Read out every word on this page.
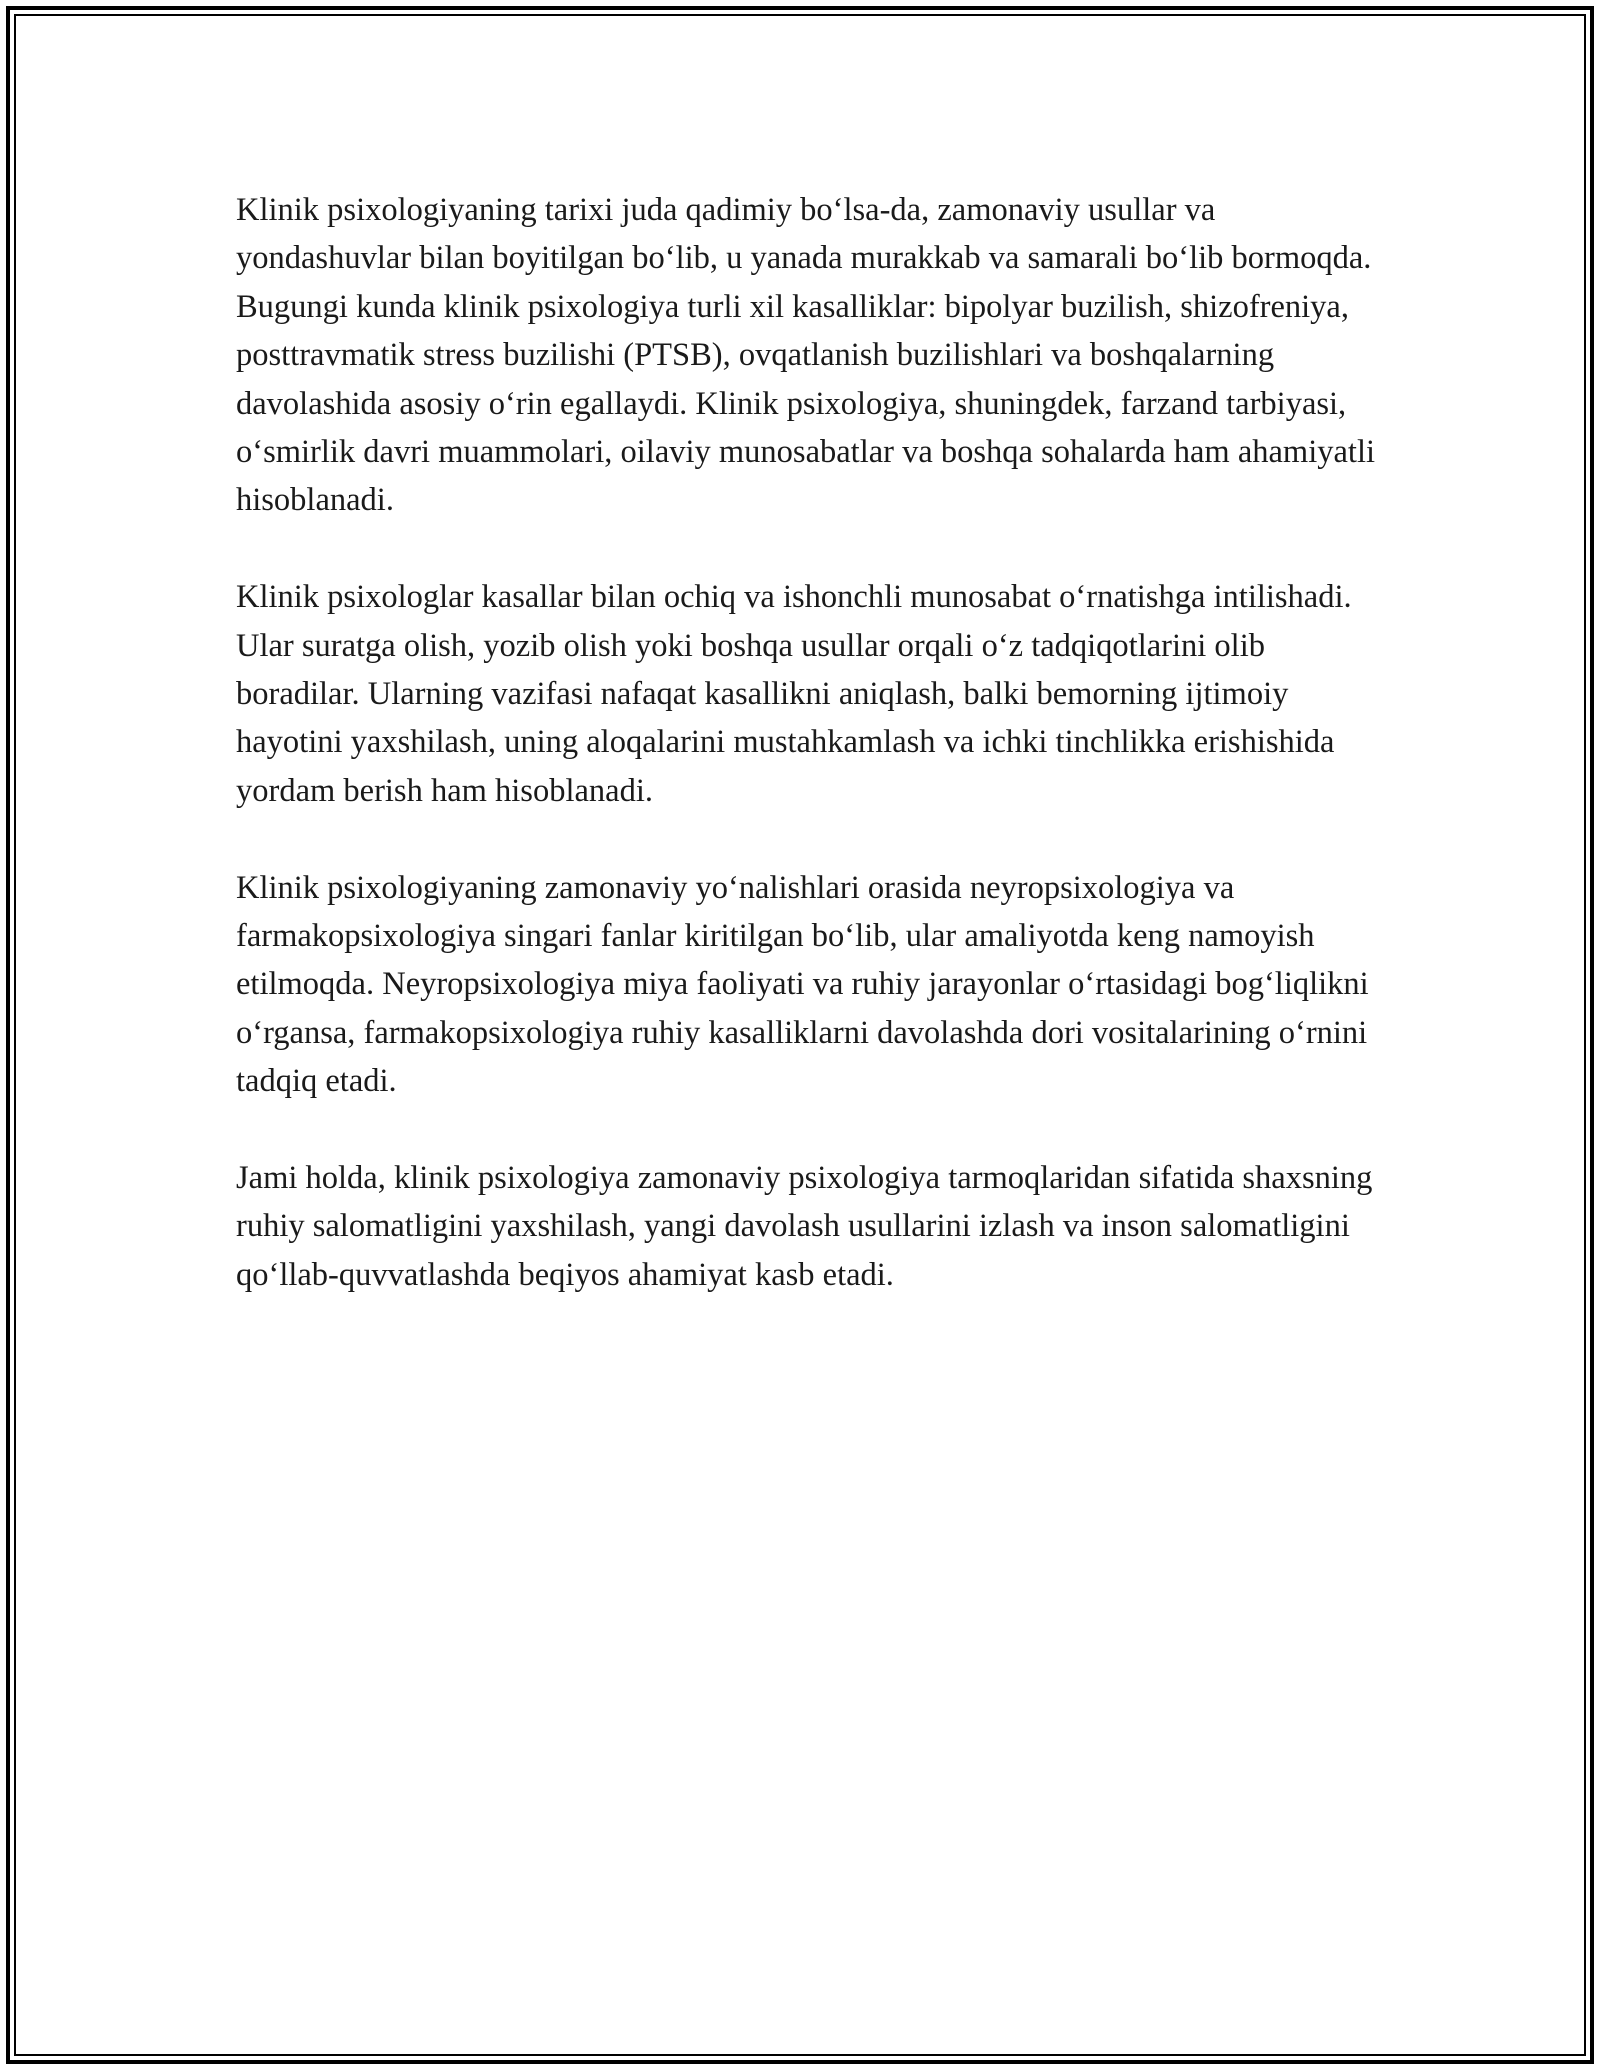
Klinik psixologiyaning tarixi juda qadimiy bo‘lsa-da, zamonaviy usullar va yondashuvlar bilan boyitilgan bo‘lib, u yanada murakkab va samarali bo‘lib bormoqda. Bugungi kunda klinik psixologiya turli xil kasalliklar: bipolyar buzilish, shizofreniya, posttravmatik stress buzilishi (PTSB), ovqatlanish buzilishlari va boshqalarning davolashida asosiy o‘rin egallaydi. Klinik psixologiya, shuningdek, farzand tarbiyasi, o‘smirlik davri muammolari, oilaviy munosabatlar va boshqa sohalarda ham ahamiyatli hisoblanadi.

Klinik psixologlar kasallar bilan ochiq va ishonchli munosabat o‘rnatishga intilishadi. Ular suratga olish, yozib olish yoki boshqa usullar orqali o‘z tadqiqotlarini olib boradilar. Ularning vazifasi nafaqat kasallikni aniqlash, balki bemorning ijtimoiy hayotini yaxshilash, uning aloqalarini mustahkamlash va ichki tinchlikka erishishida yordam berish ham hisoblanadi.

Klinik psixologiyaning zamonaviy yo‘nalishlari orasida neyropsixologiya va farmakopsixologiya singari fanlar kiritilgan bo‘lib, ular amaliyotda keng namoyish etilmoqda. Neyropsixologiya miya faoliyati va ruhiy jarayonlar o‘rtasidagi bog‘liqlikni o‘rgansa, farmakopsixologiya ruhiy kasalliklarni davolashda dori vositalarining o‘rnini tadqiq etadi.

Jami holda, klinik psixologiya zamonaviy psixologiya tarmoqlaridan sifatida shaxsning ruhiy salomatligini yaxshilash, yangi davolash usullarini izlash va inson salomatligini qo‘llab-quvvatlashda beqiyos ahamiyat kasb etadi.
